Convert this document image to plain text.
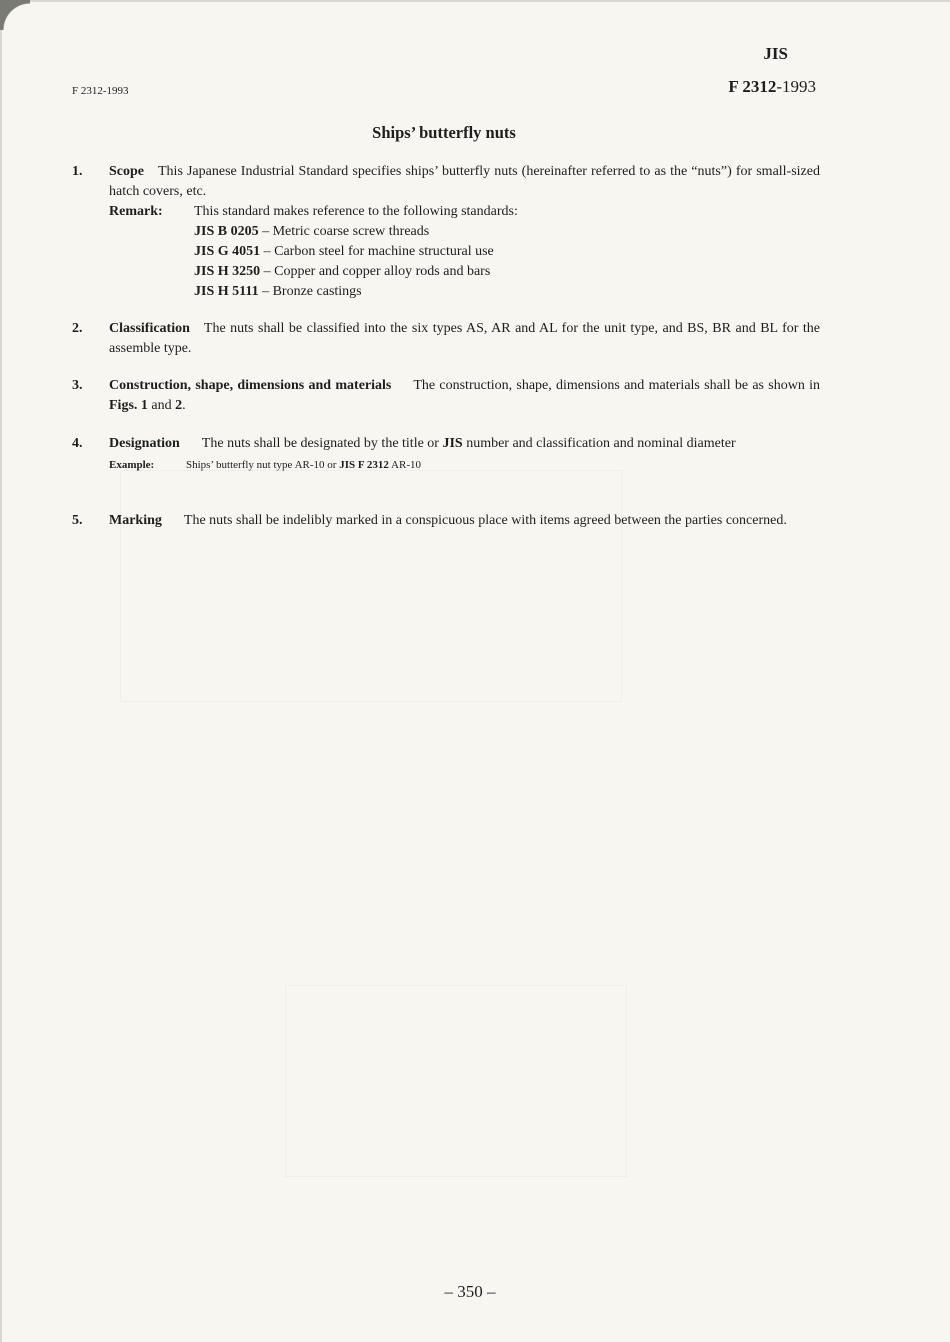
JIS
F 2312-1993
F 2312-1993
Ships’ butterfly nuts
1. Scope This Japanese Industrial Standard specifies ships’ butterfly nuts (hereinafter referred to as the “nuts”) for small-sized hatch covers, etc.
Remark: This standard makes reference to the following standards:
JIS B 0205 – Metric coarse screw threads
JIS G 4051 – Carbon steel for machine structural use
JIS H 3250 – Copper and copper alloy rods and bars
JIS H 5111 – Bronze castings
2. Classification The nuts shall be classified into the six types AS, AR and AL for the unit type, and BS, BR and BL for the assemble type.
3. Construction, shape, dimensions and materials The construction, shape, dimensions and materials shall be as shown in Figs. 1 and 2.
4. Designation The nuts shall be designated by the title or JIS number and classification and nominal diameter
Example:	Ships’ butterfly nut type AR-10 or JIS F 2312 AR-10
5. Marking The nuts shall be indelibly marked in a conspicuous place with items agreed between the parties concerned.
– 350 –
